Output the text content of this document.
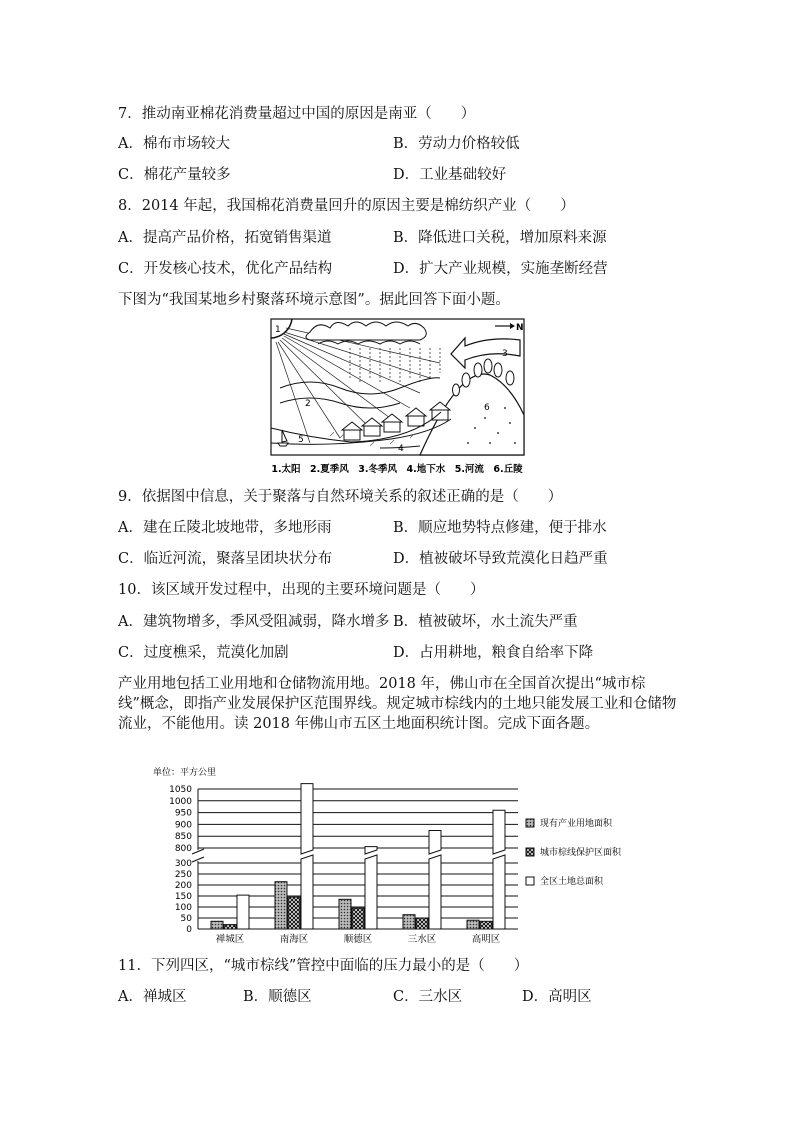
7．推动南亚棉花消费量超过中国的原因是南亚（　　）
A．棉布市场较大	B．劳动力价格较低
C．棉花产量较多	D．工业基础较好
8．2014 年起，我国棉花消费量回升的原因主要是棉纺织产业（　　）
A．提高产品价格，拓宽销售渠道	B．降低进口关税，增加原料来源
C．开发核心技术，优化产品结构	D．扩大产业规模，实施垄断经营
下图为“我国某地乡村聚落环境示意图”。据此回答下面小题。
N
1
2
3
4
5
6
1.太阳　2.夏季风　3.冬季风　4.地下水　5.河流　6.丘陵
9．依据图中信息，关于聚落与自然环境关系的叙述正确的是（　　）
A．建在丘陵北坡地带，多地形雨	B．顺应地势特点修建，便于排水
C．临近河流，聚落呈团块状分布	D．植被破坏导致荒漠化日趋严重
10．该区域开发过程中，出现的主要环境问题是（　　）
A．建筑物增多，季风受阻减弱，降水增多 B．植被破坏，水土流失严重
C．过度樵采，荒漠化加剧	D．占用耕地，粮食自给率下降
产业用地包括工业用地和仓储物流用地。2018 年，佛山市在全国首次提出“城市棕线”概念，即指产业发展保护区范围界线。规定城市棕线内的土地只能发展工业和仓储物流业，不能他用。读 2018 年佛山市五区土地面积统计图。完成下面各题。
单位：平方公里
0
50
100
150
200
250
300
800
850
900
950
1000
1050
禅城区	南海区	顺德区	三水区	高明区
现有产业用地面积
城市棕线保护区面积
全区土地总面积
11．下列四区，“城市棕线”管控中面临的压力最小的是（　　）
A．禅城区	B．顺德区	C．三水区	D．高明区
